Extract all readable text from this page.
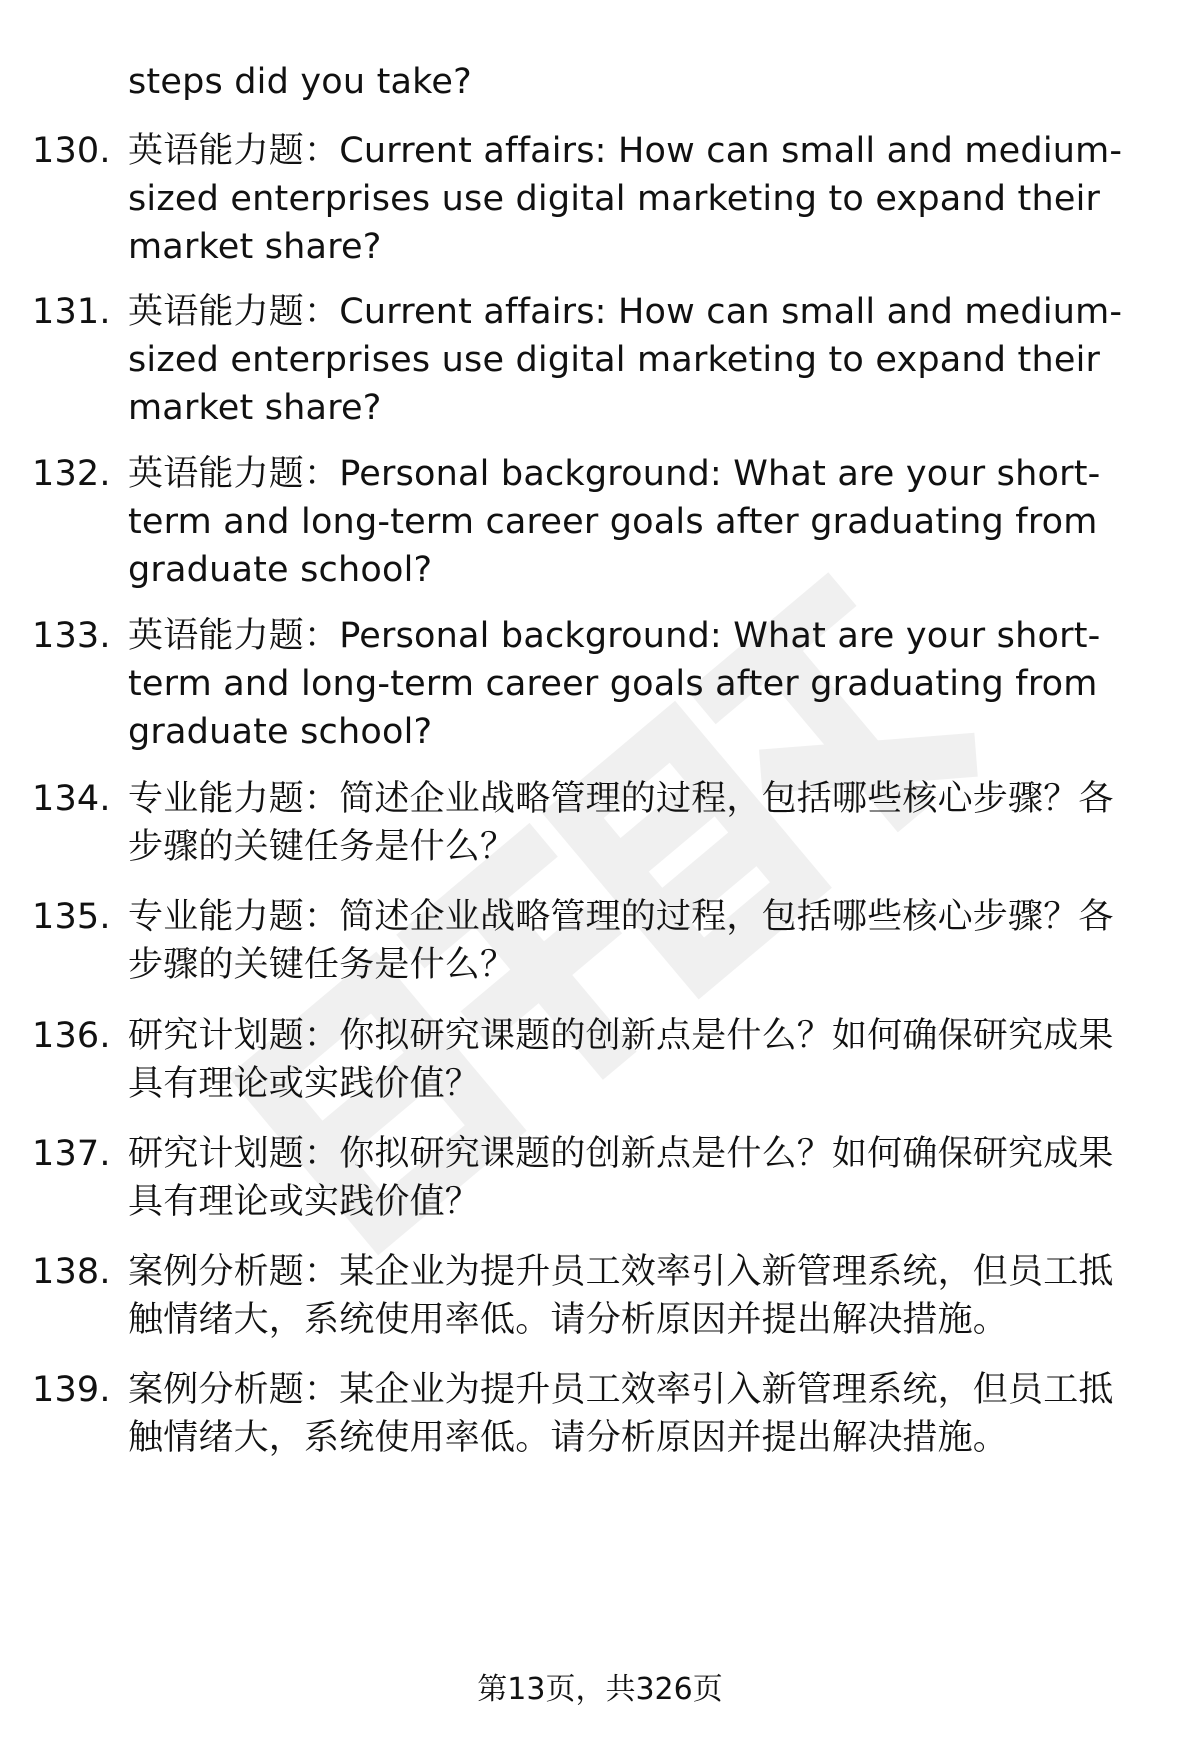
steps did you take?
130. 英语能力题：Current affairs: How can small and medium-sized enterprises use digital marketing to expand their market share?
131. 英语能力题：Current affairs: How can small and medium-sized enterprises use digital marketing to expand their market share?
132. 英语能力题：Personal background: What are your short-term and long-term career goals after graduating from graduate school?
133. 英语能力题：Personal background: What are your short-term and long-term career goals after graduating from graduate school?
134. 专业能力题：简述企业战略管理的过程，包括哪些核心步骤？各步骤的关键任务是什么？
135. 专业能力题：简述企业战略管理的过程，包括哪些核心步骤？各步骤的关键任务是什么？
136. 研究计划题：你拟研究课题的创新点是什么？如何确保研究成果具有理论或实践价值？
137. 研究计划题：你拟研究课题的创新点是什么？如何确保研究成果具有理论或实践价值？
138. 案例分析题：某企业为提升员工效率引入新管理系统，但员工抵触情绪大，系统使用率低。请分析原因并提出解决措施。
139. 案例分析题：某企业为提升员工效率引入新管理系统，但员工抵触情绪大，系统使用率低。请分析原因并提出解决措施。
第13页，共326页
